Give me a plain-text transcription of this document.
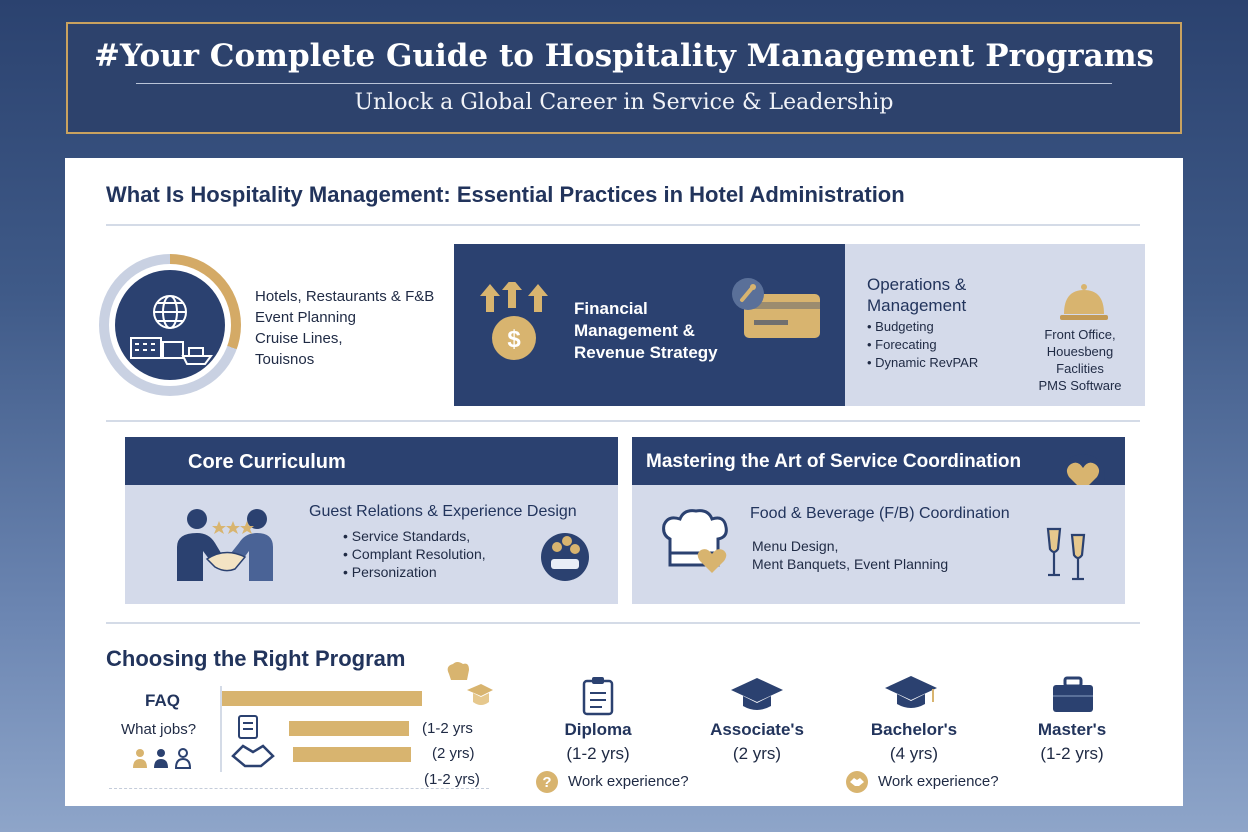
#Your Complete Guide to Hospitality Management Programs
Unlock a Global Career in Service & Leadership
What Is Hospitality Management: Essential Practices in Hotel Administration
Hotels, Restaurants & F&B
Event Planning
Cruise Lines,
Touisnos
$
Financial Management & Revenue Strategy
Operations & Management
• Budgeting
• Forecating
• Dynamic RevPAR
Front Office,
Houesbeng
Faclities
PMS Software
Core Curriculum
Guest Relations & Experience Design
• Service Standards,
• Complant Resolution,
• Personization
Mastering the Art of Service Coordination
Food & Beverage (F/B) Coordination
Menu Design,
Ment Banquets, Event Planning
Choosing the Right Program
FAQ
What jobs?	(1-2 yrs
(2 yrs)
(1-2 yrs)
Diploma
(1-2 yrs)
Associate's
(2 yrs)
Bachelor's
(4 yrs)
Master's
(1-2 yrs)
? Work experience?	Work experience?
